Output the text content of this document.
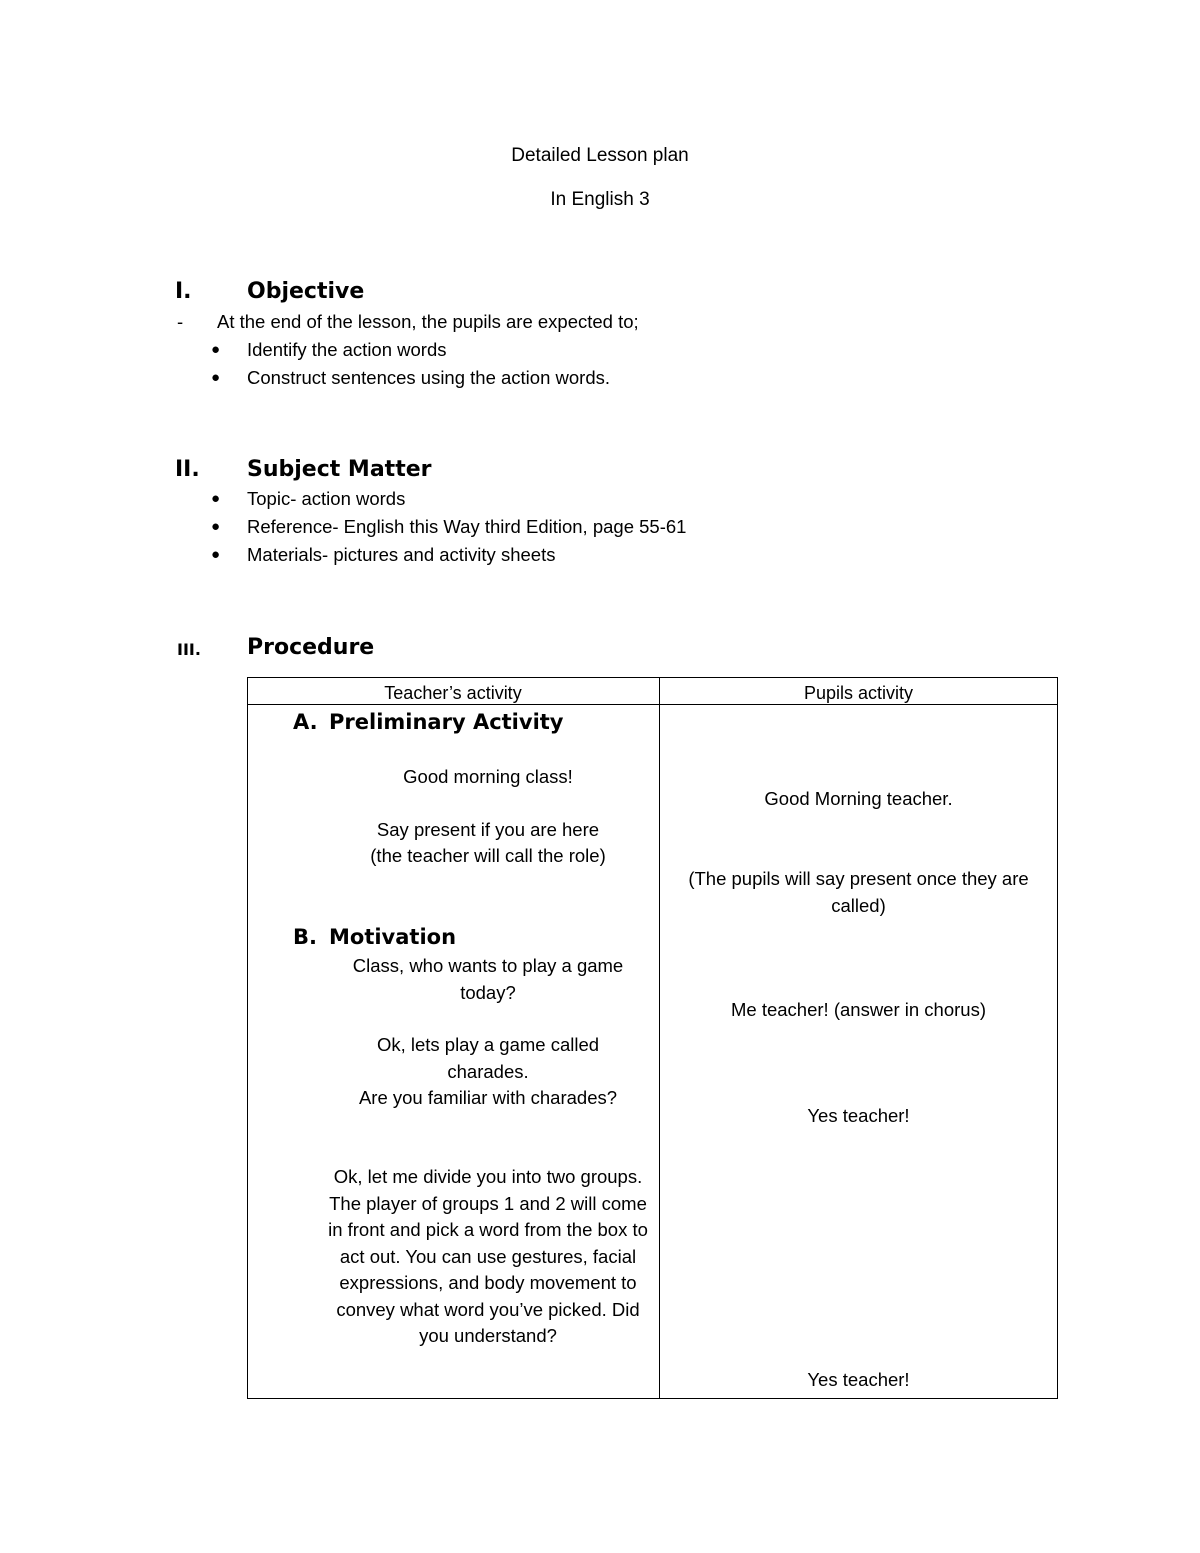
Detailed Lesson plan
In English 3
I.	Objective
- At the end of the lesson, the pupils are expected to;
● Identify the action words
● Construct sentences using the action words.
II. Subject Matter
● Topic- action words
● Reference- English this Way third Edition, page 55-61
● Materials- pictures and activity sheets
III. Procedure
Teacher’s activity	Pupils activity
A. Preliminary Activity
Good morning class!
Say present if you are here
(the teacher will call the role)
B. Motivation
Class, who wants to play a game today?
Ok, lets play a game called charades.
Are you familiar with charades?
Ok, let me divide you into two groups. The player of groups 1 and 2 will come in front and pick a word from the box to act out. You can use gestures, facial expressions, and body movement to convey what word you’ve picked. Did you understand?
Good Morning teacher.
(The pupils will say present once they are called)
Me teacher! (answer in chorus)
Yes teacher!
Yes teacher!
